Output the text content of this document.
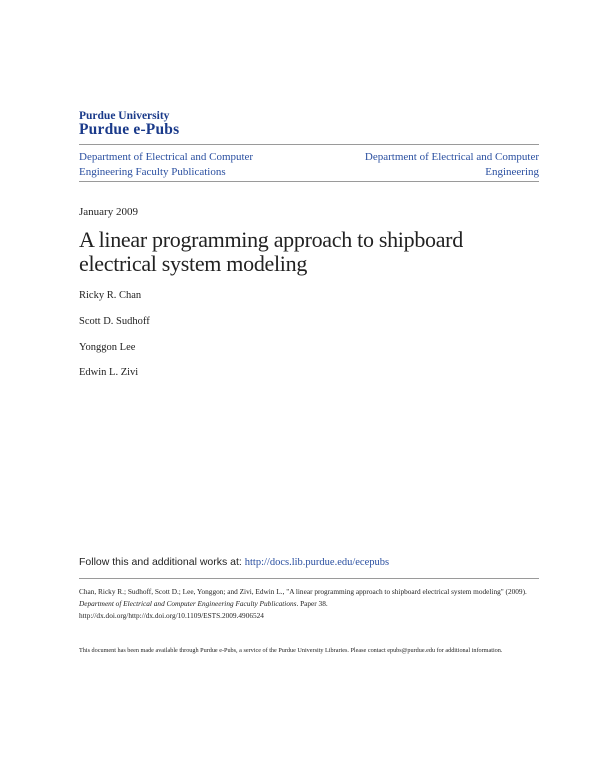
Purdue University
Purdue e-Pubs
Department of Electrical and Computer Engineering Faculty Publications
Department of Electrical and Computer Engineering
January 2009
A linear programming approach to shipboard electrical system modeling
Ricky R. Chan
Scott D. Sudhoff
Yonggon Lee
Edwin L. Zivi
Follow this and additional works at: http://docs.lib.purdue.edu/ecepubs
Chan, Ricky R.; Sudhoff, Scott D.; Lee, Yonggon; and Zivi, Edwin L., "A linear programming approach to shipboard electrical system modeling" (2009). Department of Electrical and Computer Engineering Faculty Publications. Paper 38.
http://dx.doi.org/http://dx.doi.org/10.1109/ESTS.2009.4906524
This document has been made available through Purdue e-Pubs, a service of the Purdue University Libraries. Please contact epubs@purdue.edu for additional information.
